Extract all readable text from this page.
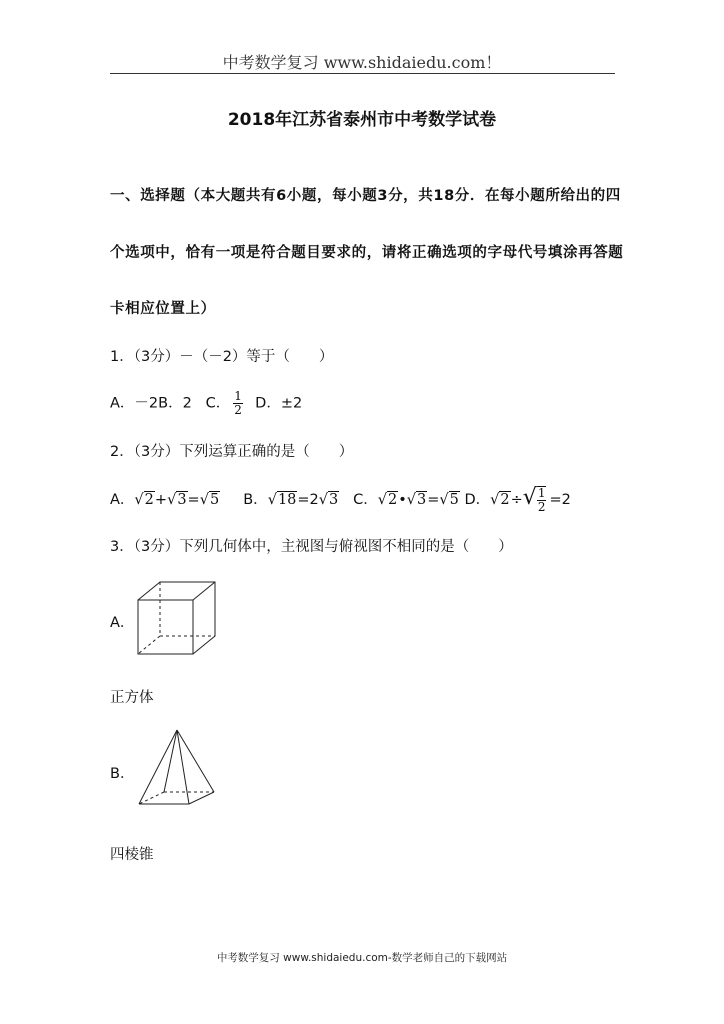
中考数学复习 www.shidaiedu.com！
2018年江苏省泰州市中考数学试卷
一、选择题（本大题共有6小题，每小题3分，共18分．在每小题所给出的四
个选项中，恰有一项是符合题目要求的，请将正确选项的字母代号填涂再答题
卡相应位置上）
1．（3分）－（－2）等于（　　）
A．－2B．2 C． $\frac{1}{2}$ D．±2
2．（3分）下列运算正确的是（　　）
A．√2+√3=√5 B．√18=2√3 C．√2•√3=√5 D．$√2\div√ \frac{1}{2} =2$
3．（3分）下列几何体中，主视图与俯视图不相同的是（　　）
A．
正方体
B．
四棱锥
中考数学复习 www.shidaiedu.com-数学老师自己的下载网站
